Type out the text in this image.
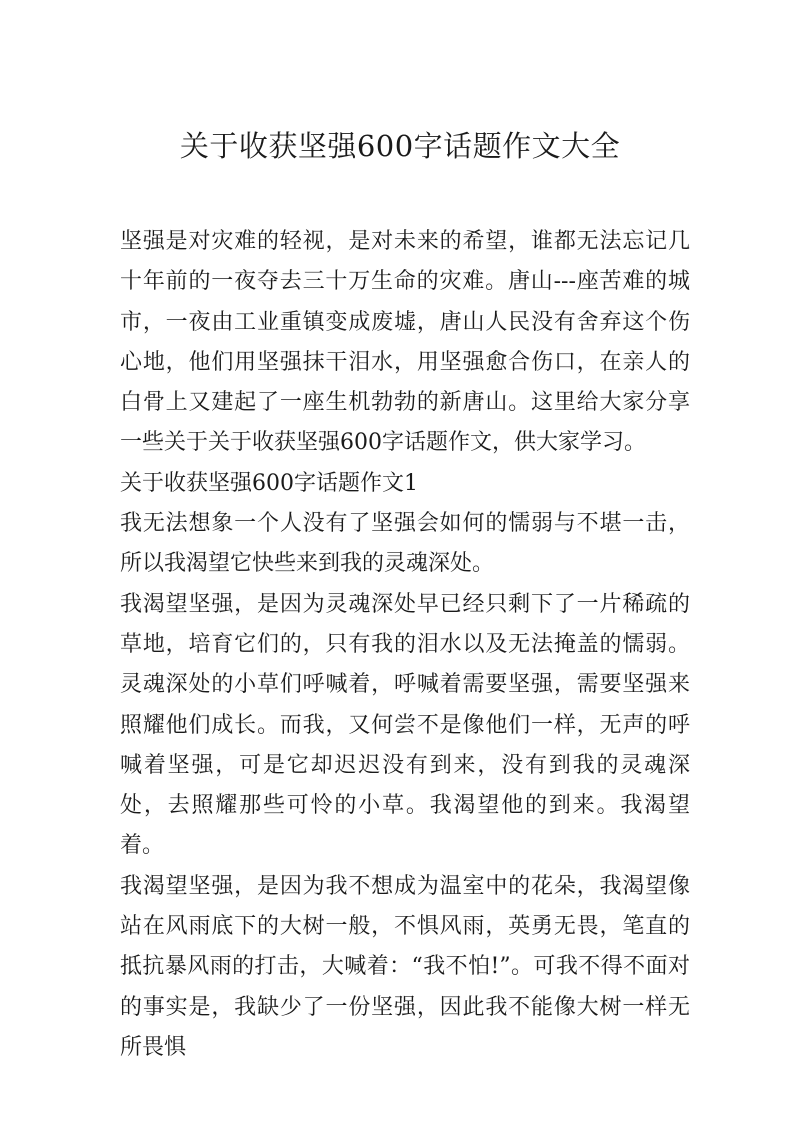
关于收获坚强600字话题作文大全

坚强是对灾难的轻视，是对未来的希望，谁都无法忘记几十年前的一夜夺去三十万生命的灾难。唐山---座苦难的城市，一夜由工业重镇变成废墟，唐山人民没有舍弃这个伤心地，他们用坚强抹干泪水，用坚强愈合伤口，在亲人的白骨上又建起了一座生机勃勃的新唐山。这里给大家分享一些关于关于收获坚强600字话题作文，供大家学习。

关于收获坚强600字话题作文1

我无法想象一个人没有了坚强会如何的懦弱与不堪一击，所以我渴望它快些来到我的灵魂深处。

我渴望坚强，是因为灵魂深处早已经只剩下了一片稀疏的草地，培育它们的，只有我的泪水以及无法掩盖的懦弱。灵魂深处的小草们呼喊着，呼喊着需要坚强，需要坚强来照耀他们成长。而我，又何尝不是像他们一样，无声的呼喊着坚强，可是它却迟迟没有到来，没有到我的灵魂深处，去照耀那些可怜的小草。我渴望他的到来。我渴望着。

我渴望坚强，是因为我不想成为温室中的花朵，我渴望像站在风雨底下的大树一般，不惧风雨，英勇无畏，笔直的抵抗暴风雨的打击，大喊着：“我不怕!”。可我不得不面对的事实是，我缺少了一份坚强，因此我不能像大树一样无所畏惧
